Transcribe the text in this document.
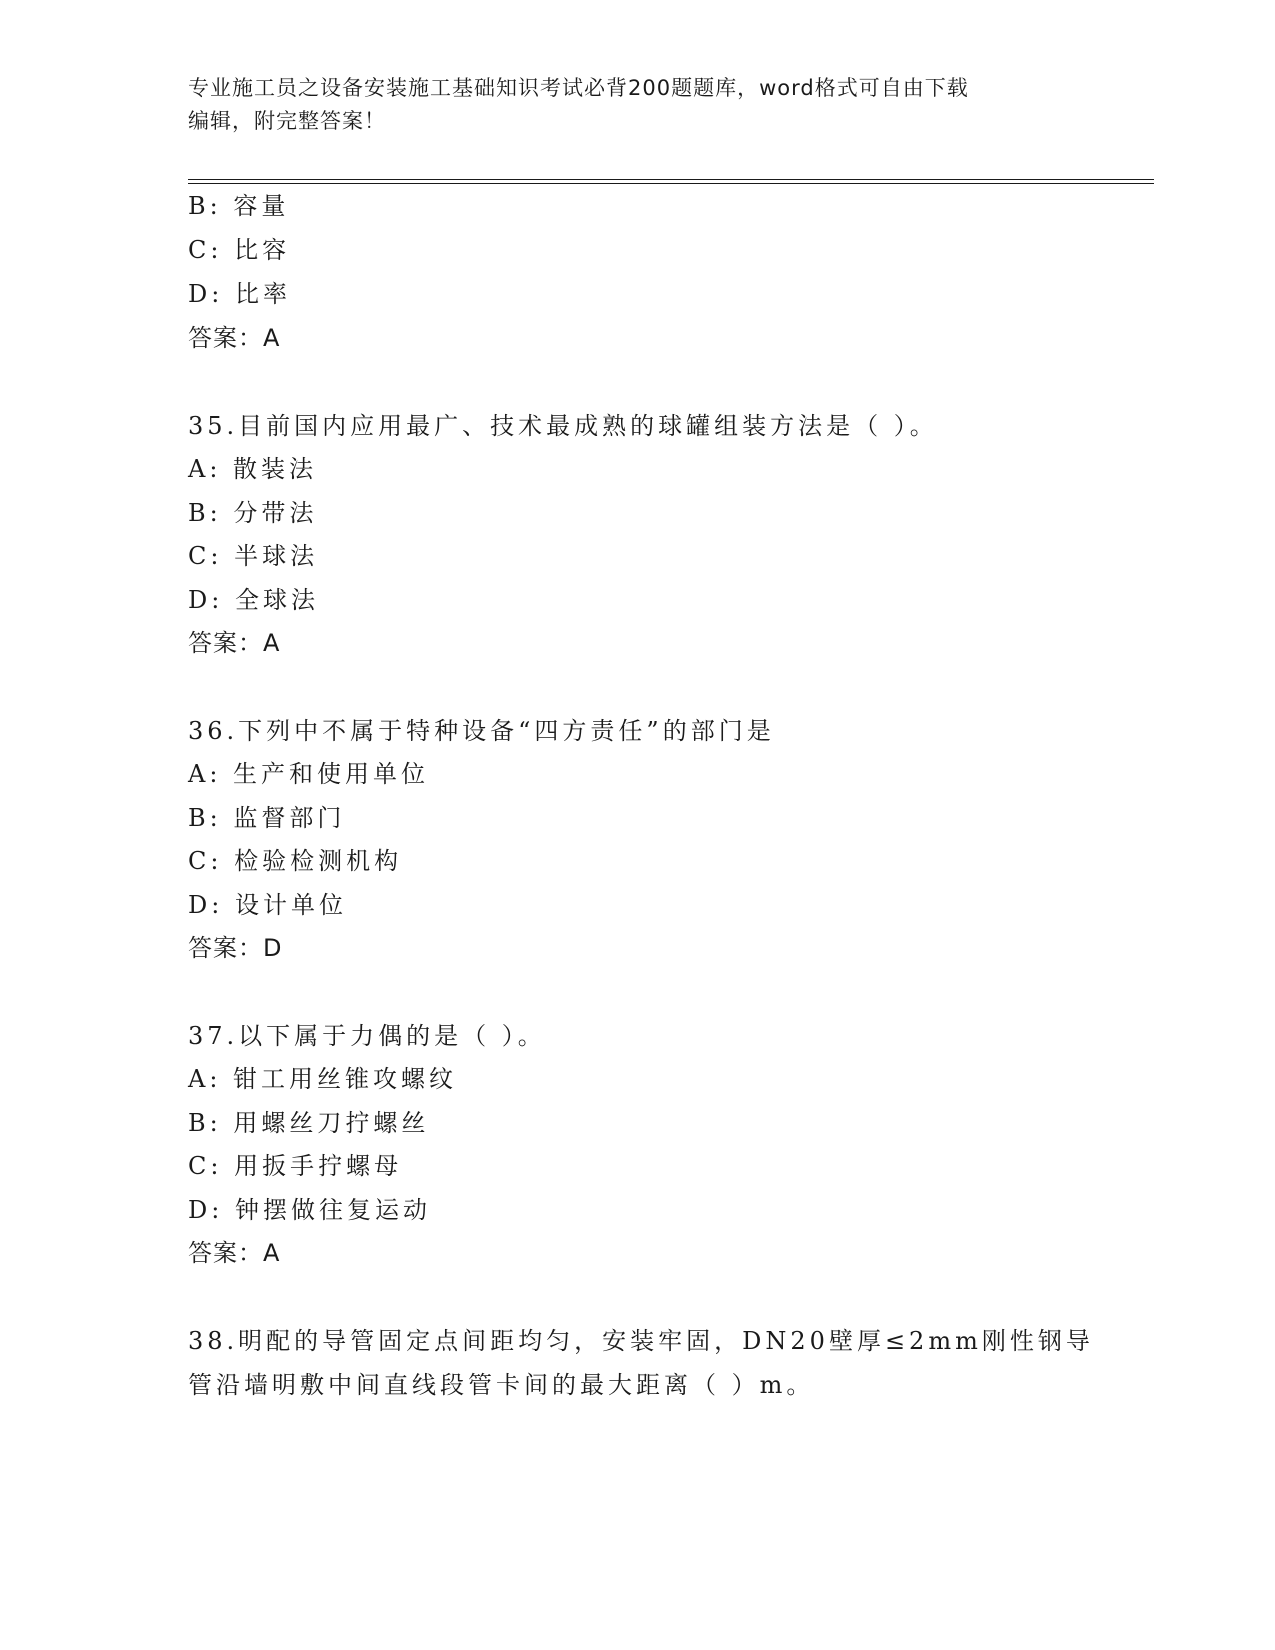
专业施工员之设备安装施工基础知识考试必背200题题库，word格式可自由下载
编辑，附完整答案！
B: 容量
C: 比容
D: 比率
答案：A
35.目前国内应用最广、技术最成熟的球罐组装方法是（ ）。
A: 散装法
B: 分带法
C: 半球法
D: 全球法
答案：A
36.下列中不属于特种设备“四方责任”的部门是
A: 生产和使用单位
B: 监督部门
C: 检验检测机构
D: 设计单位
答案：D
37.以下属于力偶的是（ ）。
A: 钳工用丝锥攻螺纹
B: 用螺丝刀拧螺丝
C: 用扳手拧螺母
D: 钟摆做往复运动
答案：A
38.明配的导管固定点间距均匀，安装牢固，DN20壁厚≤2mm刚性钢导
管沿墙明敷中间直线段管卡间的最大距离（ ）m。
